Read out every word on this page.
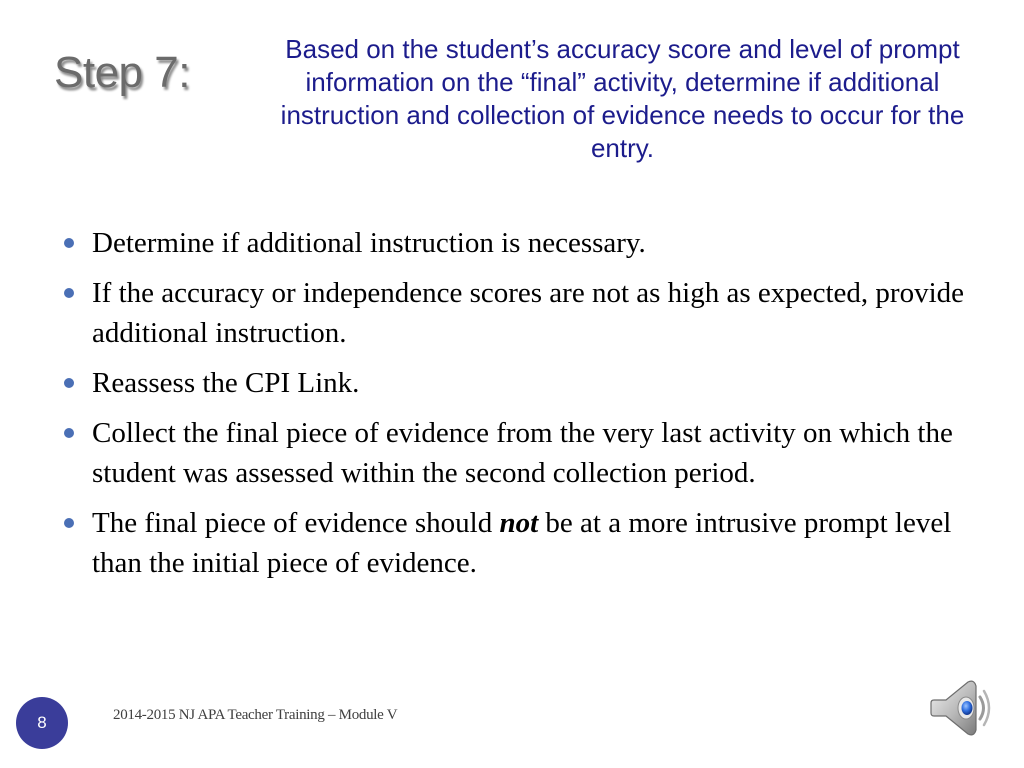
Step 7:	Based on the student’s accuracy score and level of prompt information on the “final” activity, determine if additional instruction and collection of evidence needs to occur for the entry.
Determine if additional instruction is necessary.
If the accuracy or independence scores are not as high as expected, provide additional instruction.
Reassess the CPI Link.
Collect the final piece of evidence from the very last activity on which the student was assessed within the second collection period.
The final piece of evidence should not be at a more intrusive prompt level than the initial piece of evidence.
8	2014-2015 NJ APA Teacher Training – Module V
